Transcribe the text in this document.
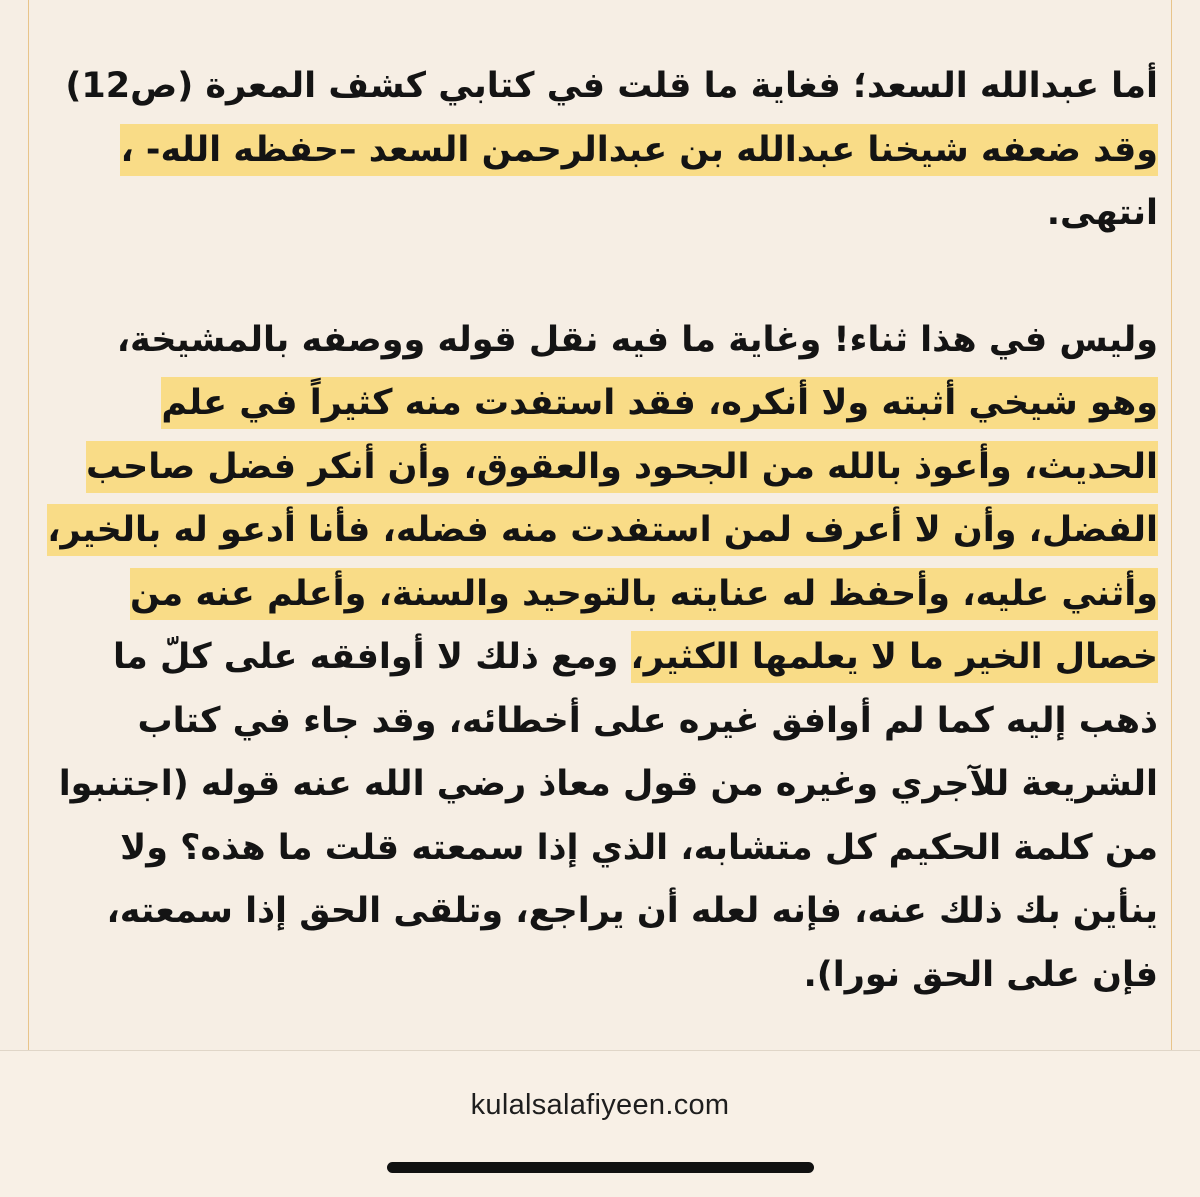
أما عبدالله السعد؛ فغاية ما قلت في كتابي كشف المعرة (ص12) وقد ضعفه شيخنا عبدالله بن عبدالرحمن السعد –حفظه الله- ، انتهى.

وليس في هذا ثناء! وغاية ما فيه نقل قوله ووصفه بالمشيخة، وهو شيخي أثبته ولا أنكره، فقد استفدت منه كثيراً في علم الحديث، وأعوذ بالله من الجحود والعقوق، وأن أنكر فضل صاحب الفضل، وأن لا أعرف لمن استفدت منه فضله، فأنا أدعو له بالخير، وأثني عليه، وأحفظ له عنايته بالتوحيد والسنة، وأعلم عنه من خصال الخير ما لا يعلمها الكثير، ومع ذلك لا أوافقه على كلّ ما ذهب إليه كما لم أوافق غيره على أخطائه، وقد جاء في كتاب الشريعة للآجري وغيره من قول معاذ رضي الله عنه قوله (اجتنبوا من كلمة الحكيم كل متشابه، الذي إذا سمعته قلت ما هذه؟ ولا ينأين بك ذلك عنه، فإنه لعله أن يراجع، وتلقى الحق إذا سمعته، فإن على الحق نورا).

kulalsalafiyeen.com
